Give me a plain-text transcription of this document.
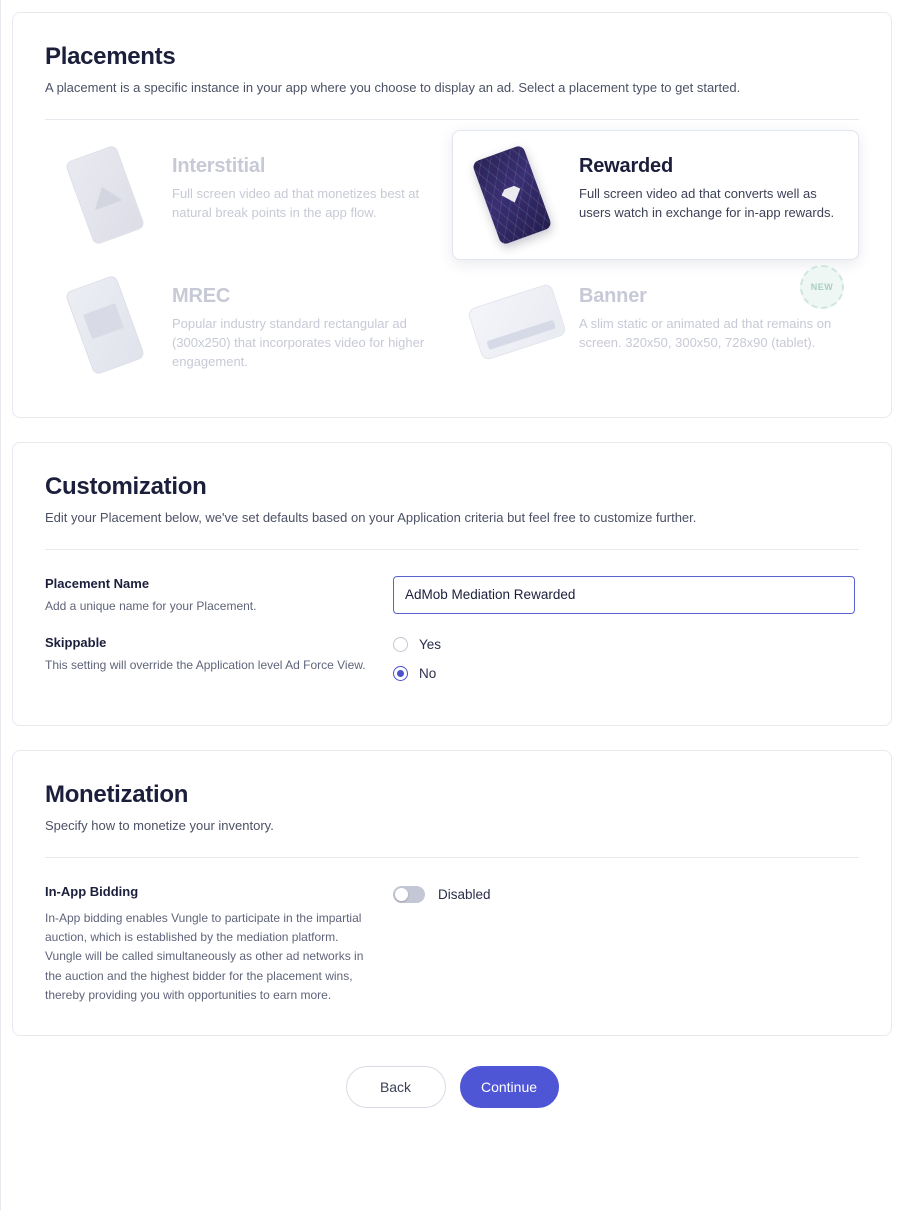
Placements

A placement is a specific instance in your app where you choose to display an ad. Select a placement type to get started.

Interstitial

Full screen video ad that monetizes best at natural break points in the app flow.

Rewarded

Full screen video ad that converts well as users watch in exchange for in-app rewards.

MREC

Popular industry standard rectangular ad (300x250) that incorporates video for higher engagement.

Banner

A slim static or animated ad that remains on screen. 320x50, 300x50, 728x90 (tablet).

NEW
Customization

Edit your Placement below, we've set defaults based on your Application criteria but feel free to customize further.

Placement Name

Add a unique name for your Placement.

AdMob Mediation Rewarded

Skippable

This setting will override the Application level Ad Force View.

Yes
No
Monetization

Specify how to monetize your inventory.

In-App Bidding

In-App bidding enables Vungle to participate in the impartial auction, which is established by the mediation platform. Vungle will be called simultaneously as other ad networks in the auction and the highest bidder for the placement wins, thereby providing you with opportunities to earn more.

Disabled
Back	Continue
